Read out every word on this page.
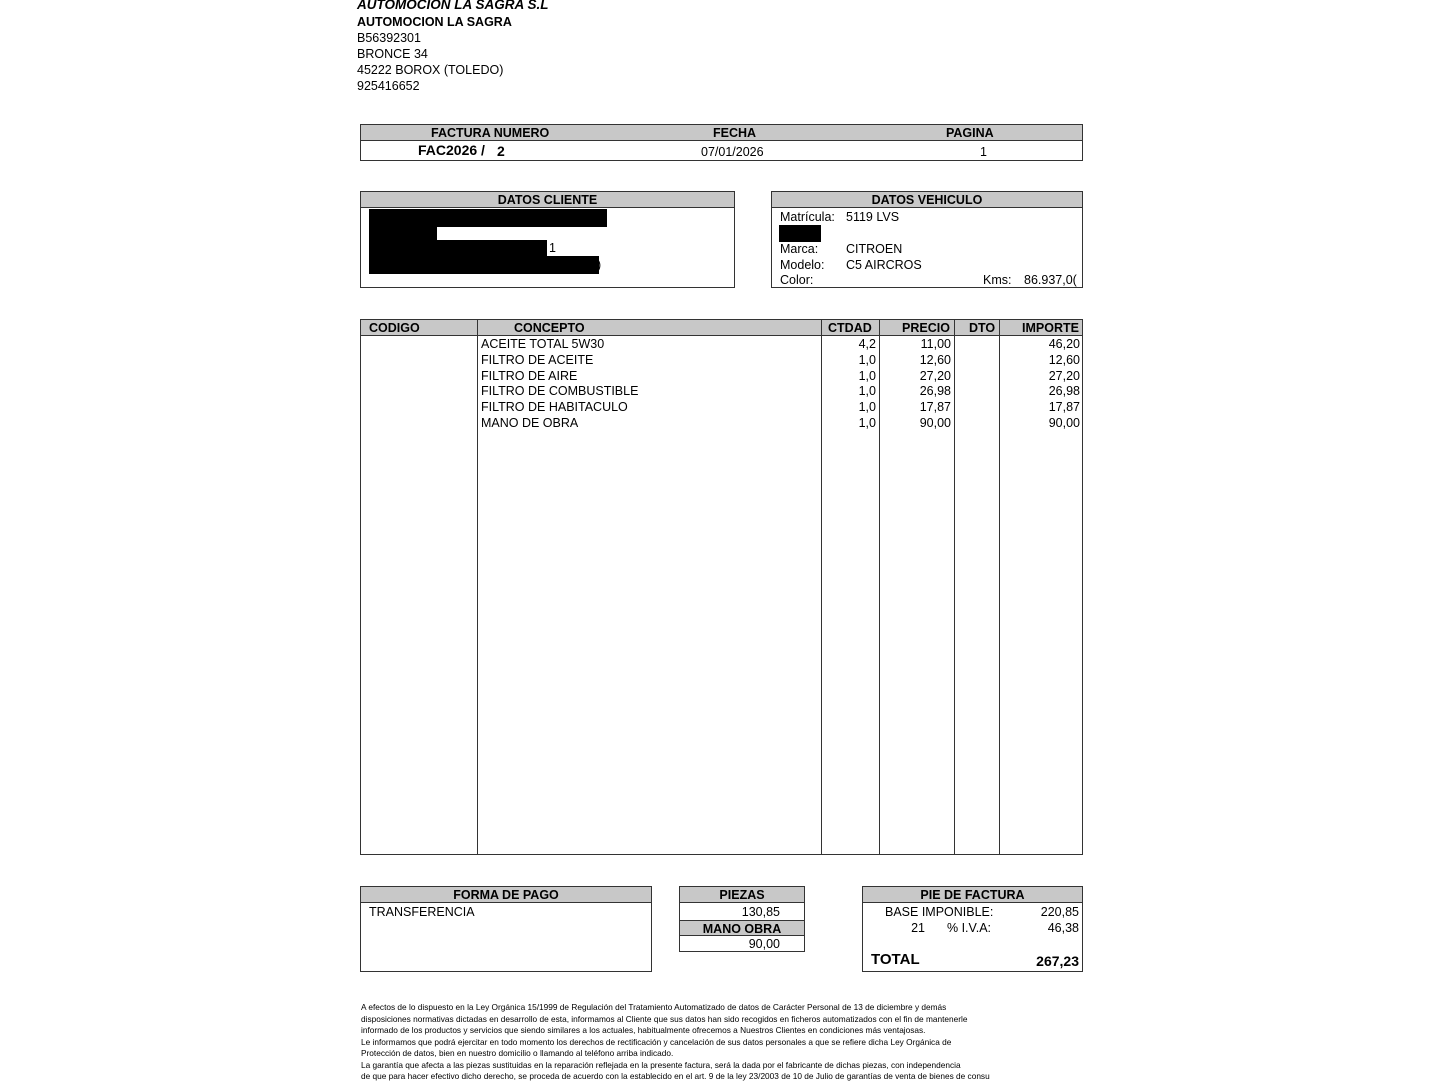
AUTOMOCION LA SAGRA S.L
AUTOMOCION LA SAGRA
B56392301
BRONCE 34
45222 BOROX (TOLEDO)
925416652
FACTURA NUMERO	FECHA	PAGINA
FAC2026 / 2	07/01/2026	1
DATOS CLIENTE
1
)
DATOS VEHICULO
Matrícula: 5119 LVS
Marca: CITROEN
Modelo: C5 AIRCROS
Color:	Kms: 86.937,0(
CODIGO	CONCEPTO	CTDAD PRECIO DTO IMPORTE
ACEITE TOTAL 5W30	4,2	11,00	46,20
FILTRO DE ACEITE	1,0	12,60	12,60
FILTRO DE AIRE	1,0	27,20	27,20
FILTRO DE COMBUSTIBLE	1,0	26,98	26,98
FILTRO DE HABITACULO	1,0	17,87	17,87
MANO DE OBRA	1,0	90,00	90,00
FORMA DE PAGO
TRANSFERENCIA
PIEZAS
130,85
MANO OBRA
90,00
PIE DE FACTURA
BASE IMPONIBLE:	220,85
21 % I.V.A:	46,38
TOTAL	267,23
A efectos de lo dispuesto en la Ley Orgánica 15/1999 de Regulación del Tratamiento Automatizado de datos de Carácter Personal de 13 de diciembre y demás
disposiciones normativas dictadas en desarrollo de esta, informamos al Cliente que sus datos han sido recogidos en ficheros automatizados con el fin de mantenerle
informado de los productos y servicios que siendo similares a los actuales, habitualmente ofrecemos a Nuestros Clientes en condiciones más ventajosas.
Le informamos que podrá ejercitar en todo momento los derechos de rectificación y cancelación de sus datos personales a que se refiere dicha Ley Orgánica de
Protección de datos, bien en nuestro domicilio o llamando al teléfono arriba indicado.
La garantía que afecta a las piezas sustituidas en la reparación reflejada en la presente factura, será la dada por el fabricante de dichas piezas, con independencia
de que para hacer efectivo dicho derecho, se proceda de acuerdo con la establecido en el art. 9 de la ley 23/2003 de 10 de Julio de garantías de venta de bienes de consu
